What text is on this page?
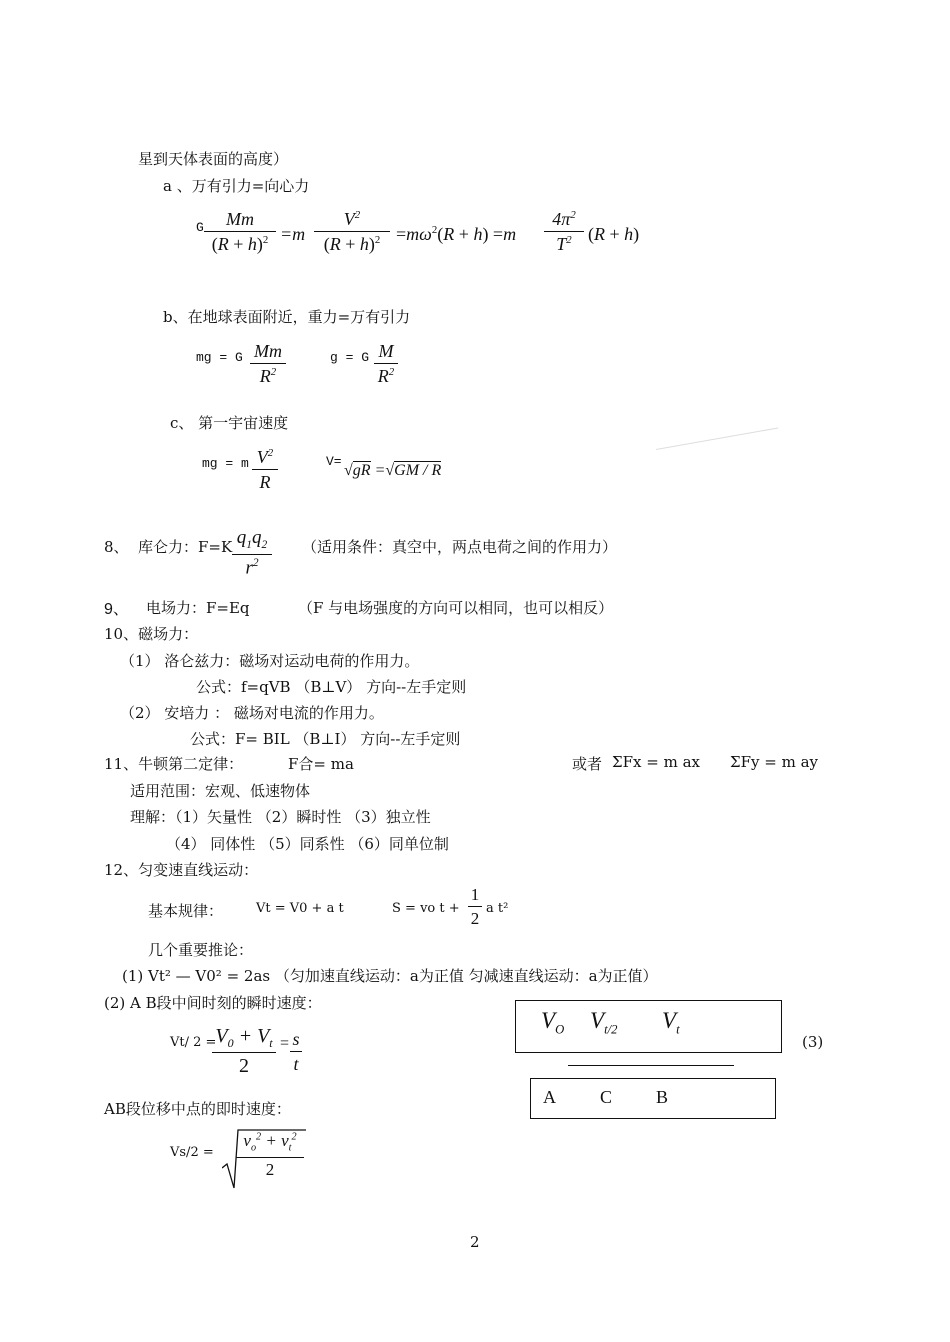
星到天体表面的高度）
a 、万有引力=向心力
G	Mm
$(R + h)^2 =m$
$V^2$
$(R + h)^2 =m\omega^2(R + h) =m$
$4\pi^2$
$T^2$ (R + h)
b、在地球表面附近，重力=万有引力
mg = G Mm
$R^2$
g = G M
$R^2$
c、 第一宇宙速度
mg = m $V^2$
R
V=
√gR =√GM / R
8、 库仑力：F=K $q_1q_2$
$r^2$
（适用条件：真空中，两点电荷之间的作用力）
9、 电场力：F=Eq	（F 与电场强度的方向可以相同，也可以相反）
10、磁场力：
（1） 洛仑兹力：磁场对运动电荷的作用力。
公式：f=qVB （B⊥V） 方向--左手定则
（2） 安培力 ： 磁场对电流的作用力。
公式：F= BIL （B⊥I） 方向--左手定则
11、牛顿第二定律：	F合= ma	或者 ΣFx = m ax ΣFy = m ay
适用范围：宏观、低速物体
理解：（1）矢量性 （2）瞬时性 （3）独立性
（4） 同体性 （5）同系性 （6）同单位制
12、匀变速直线运动：
基本规律：	Vt = V0 + a t	S = vo t +
1
2
a t²
几个重要推论：
(1) Vt² — V0² = 2as （匀加速直线运动：a为正值 匀减速直线运动：a为正值）
(2) A B段中间时刻的瞬时速度：
Vt/ 2 =
$V_0 + V_t$
2
= s
t
$V_O$ $V_{t/2}$ $V_t$
(3)
A C B
AB段位移中点的即时速度：
Vs/2 =
$v_o^2 + v_t^2$
2
2
